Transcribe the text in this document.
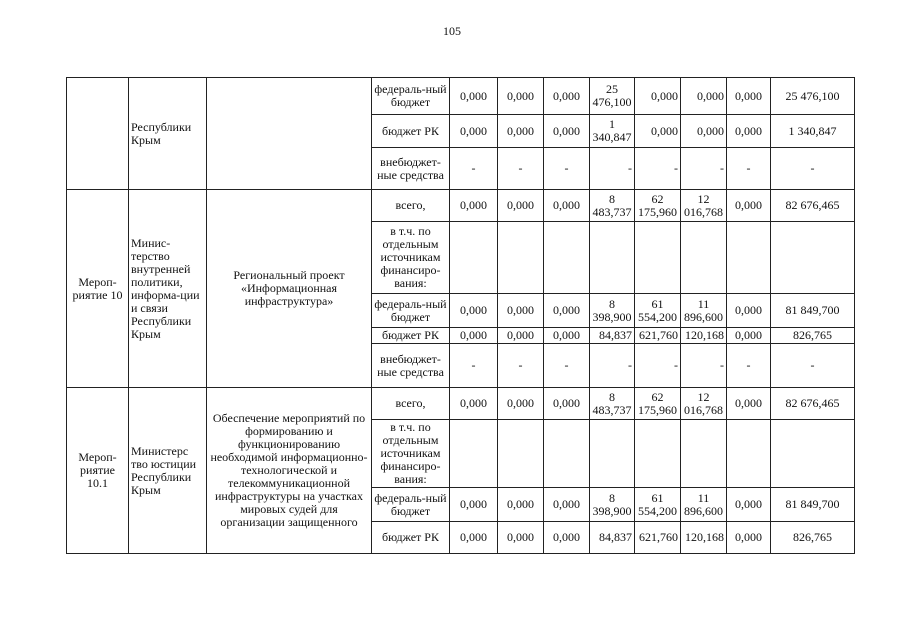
105
	Республики Крым		федераль-ный бюджет	0,000	0,000	0,000	25 476,100	0,000	0,000	0,000	25 476,100
			бюджет РК	0,000	0,000	0,000	1 340,847	0,000	0,000	0,000	1 340,847
			внебюджет-ные средства	-	-	-	-	-	-	-	-
Мероп-риятие 10	Минис-терство внутренней политики, информа-ции и связи Республики Крым	Региональный проект «Информационная инфраструктура»	всего,	0,000	0,000	0,000	8 483,737	62 175,960	12 016,768	0,000	82 676,465
			в т.ч. по отдельным источникам финансиро-вания:								
			федераль-ный бюджет	0,000	0,000	0,000	8 398,900	61 554,200	11 896,600	0,000	81 849,700
			бюджет РК	0,000	0,000	0,000	84,837	621,760	120,168	0,000	826,765
			внебюджет-ные средства	-	-	-	-	-	-	-	-
Мероп-риятие 10.1	Министерс тво юстиции Республики Крым	Обеспечение мероприятий по формированию и функционированию необходимой информационно-технологической и телекоммуникационной инфраструктуры на участках мировых судей для организации защищенного	всего,	0,000	0,000	0,000	8 483,737	62 175,960	12 016,768	0,000	82 676,465
			в т.ч. по отдельным источникам финансиро-вания:								
			федераль-ный бюджет	0,000	0,000	0,000	8 398,900	61 554,200	11 896,600	0,000	81 849,700
			бюджет РК	0,000	0,000	0,000	84,837	621,760	120,168	0,000	826,765
